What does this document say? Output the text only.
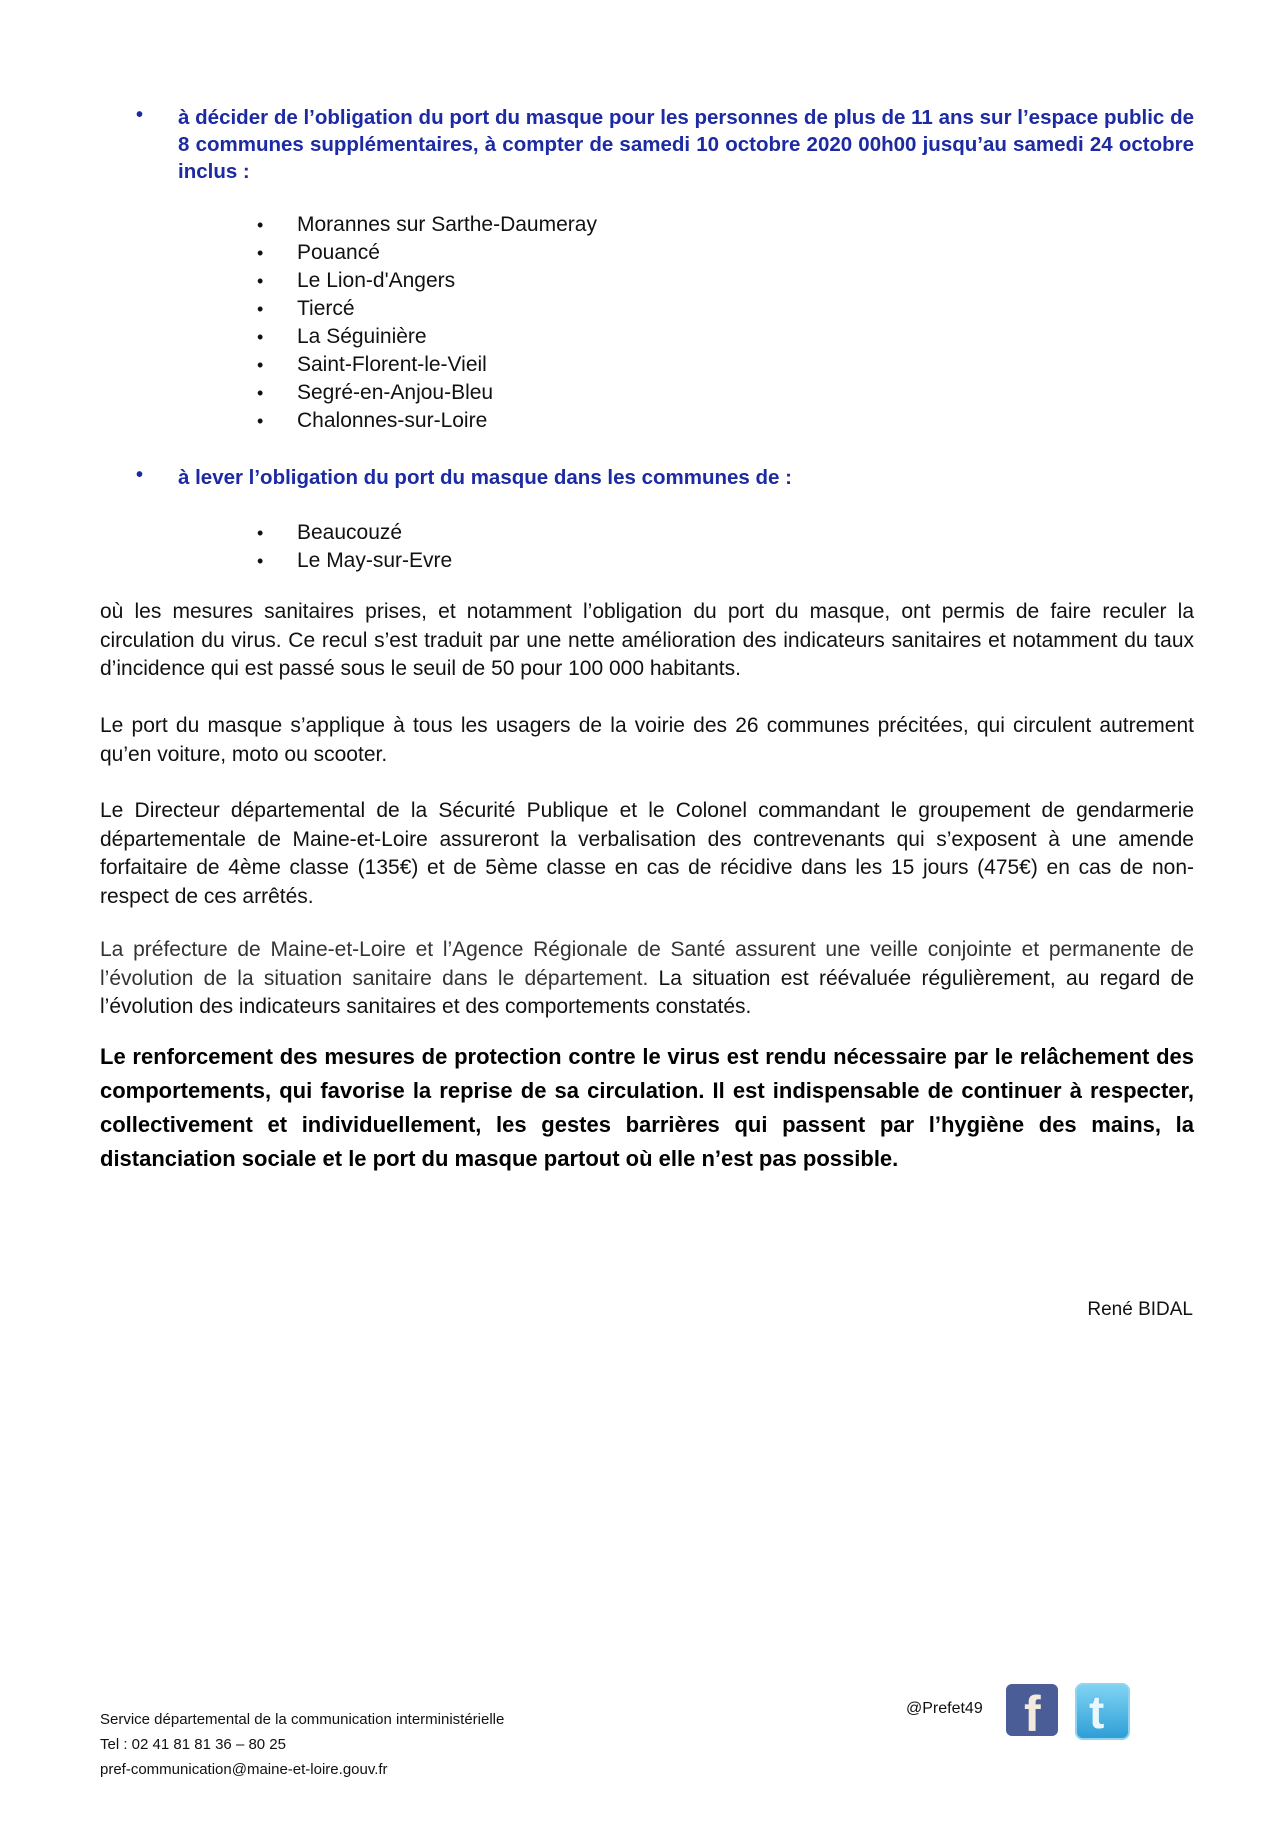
• à décider de l’obligation du port du masque pour les personnes de plus de 11 ans sur l’espace public de 8 communes supplémentaires, à compter de samedi 10 octobre 2020 00h00 jusqu’au samedi 24 octobre inclus :
• Morannes sur Sarthe-Daumeray
• Pouancé
• Le Lion-d'Angers
• Tiercé
• La Séguinière
• Saint-Florent-le-Vieil
• Segré-en-Anjou-Bleu
• Chalonnes-sur-Loire
• à lever l’obligation du port du masque dans les communes de :
• Beaucouzé
• Le May-sur-Evre

où les mesures sanitaires prises, et notamment l’obligation du port du masque, ont permis de faire reculer la circulation du virus. Ce recul s’est traduit par une nette amélioration des indicateurs sanitaires et notamment du taux d’incidence qui est passé sous le seuil de 50 pour 100 000 habitants.

Le port du masque s’applique à tous les usagers de la voirie des 26 communes précitées, qui circulent autrement qu’en voiture, moto ou scooter.

Le Directeur départemental de la Sécurité Publique et le Colonel commandant le groupement de gendarmerie départementale de Maine-et-Loire assureront la verbalisation des contrevenants qui s’exposent à une amende forfaitaire de 4ème classe (135€) et de 5ème classe en cas de récidive dans les 15 jours (475€) en cas de non-respect de ces arrêtés.

La préfecture de Maine-et-Loire et l’Agence Régionale de Santé assurent une veille conjointe et permanente de l’évolution de la situation sanitaire dans le département. La situation est réévaluée régulièrement, au regard de l’évolution des indicateurs sanitaires et des comportements constatés.

Le renforcement des mesures de protection contre le virus est rendu nécessaire par le relâchement des comportements, qui favorise la reprise de sa circulation. Il est indispensable de continuer à respecter, collectivement et individuellement, les gestes barrières qui passent par l’hygiène des mains, la distanciation sociale et le port du masque partout où elle n’est pas possible.

René BIDAL
Service départemental de la communication interministérielle
Tel : 02 41 81 81 36 – 80 25
pref-communication@maine-et-loire.gouv.fr
@Prefet49 f t
